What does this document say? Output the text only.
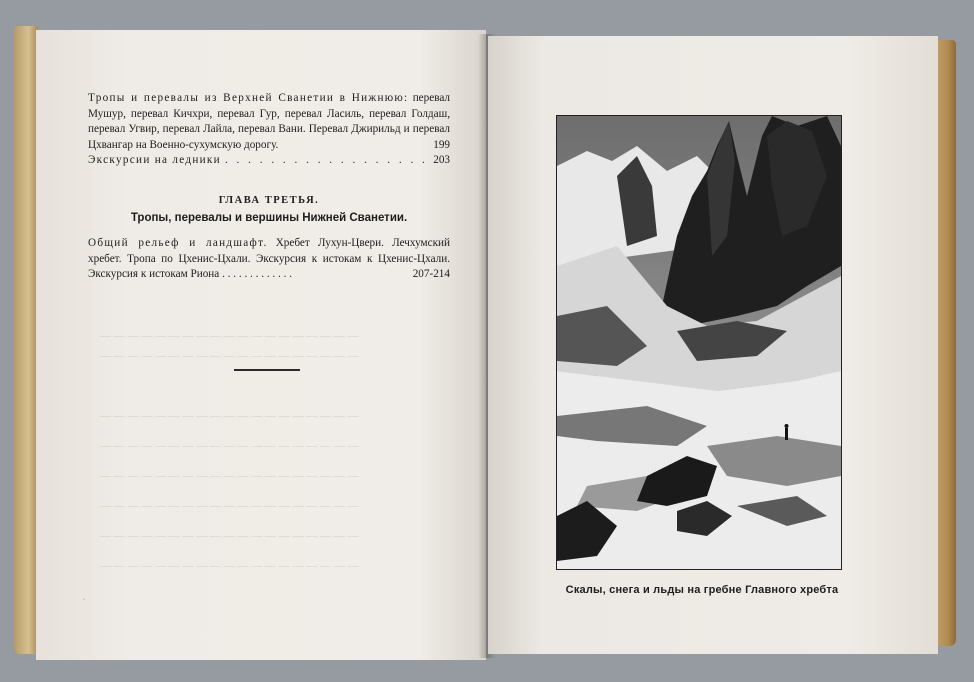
— — — — — — — — — — — — — — — — — — —
— — — — — — — — — — — — — — — — — — —
— — — — — — — — — — — — — — — — — — —
— — — — — — — — — — — — — — — — — — —
— — — — — — — — — — — — — — — — — — —
— — — — — — — — — — — — — — — — — — —
— — — — — — — — — — — — — — — — — — —
— — — — — — — — — — — — — — — — — — —
Тропы и перевалы из Верхней Сванетии в Нижнюю: перевал Мушур, перевал Кичхри, перевал Гур, перевал Ласиль, перевал Голдаш, перевал Угвир, перевал Лайла, перевал Вани. Перевал Джирильд и перевал Цхвангар на Военно-сухумскую дорогу.	199
Экскурсии на ледники . . . . . . . . . . . . . . . . . . 203
ГЛАВА ТРЕТЬЯ.
Тропы, перевалы и вершины Нижней Сванетии.
Общий рельеф и ландшафт. Хребет Лухун-Цвери. Лечхумский хребет. Тропа по Цхенис-Цхали. Экскурсия к истокам к Цхенис-Цхали. Экскурсия к истокам Риона . . . . . . . . . . . . .	207-214
·
Скалы, снега и льды на гребне Главного хребта
